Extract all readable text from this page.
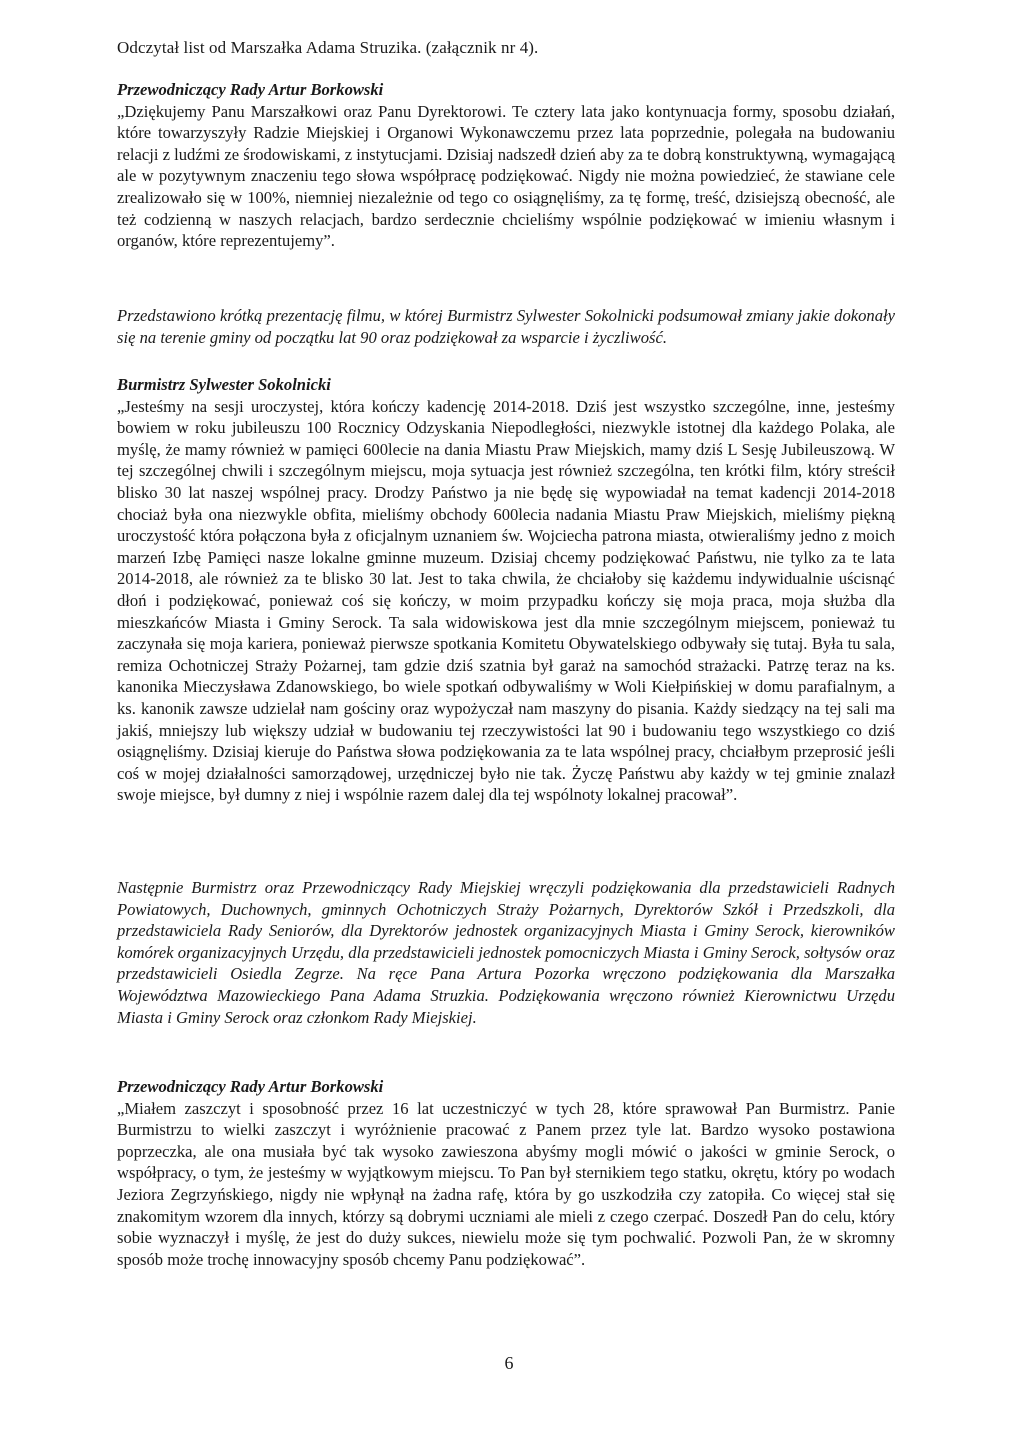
Odczytał list od Marszałka Adama Struzika. (załącznik nr 4).

Przewodniczący Rady Artur Borkowski

„Dziękujemy Panu Marszałkowi oraz Panu Dyrektorowi. Te cztery lata jako kontynuacja formy, sposobu działań, które towarzyszyły Radzie Miejskiej i Organowi Wykonawczemu przez lata poprzednie, polegała na budowaniu relacji z ludźmi ze środowiskami, z instytucjami. Dzisiaj nadszedł dzień aby za te dobrą konstruktywną, wymagającą ale w pozytywnym znaczeniu tego słowa współpracę podziękować. Nigdy nie można powiedzieć, że stawiane cele zrealizowało się w 100%, niemniej niezależnie od tego co osiągnęliśmy, za tę formę, treść, dzisiejszą obecność, ale też codzienną w naszych relacjach, bardzo serdecznie chcieliśmy wspólnie podziękować w imieniu własnym i organów, które reprezentujemy”.

Przedstawiono krótką prezentację filmu, w której Burmistrz Sylwester Sokolnicki podsumował zmiany jakie dokonały się na terenie gminy od początku lat 90 oraz podziękował za wsparcie i życzliwość.

Burmistrz Sylwester Sokolnicki

„Jesteśmy na sesji uroczystej, która kończy kadencję 2014-2018. Dziś jest wszystko szczególne, inne, jesteśmy bowiem w roku jubileuszu 100 Rocznicy Odzyskania Niepodległości, niezwykle istotnej dla każdego Polaka, ale myślę, że mamy również w pamięci 600lecie na dania Miastu Praw Miejskich, mamy dziś L Sesję Jubileuszową. W tej szczególnej chwili i szczególnym miejscu, moja sytuacja jest również szczególna, ten krótki film, który streścił blisko 30 lat naszej wspólnej pracy. Drodzy Państwo ja nie będę się wypowiadał na temat kadencji 2014-2018 chociaż była ona niezwykle obfita, mieliśmy obchody 600lecia nadania Miastu Praw Miejskich, mieliśmy piękną uroczystość która połączona była z oficjalnym uznaniem św. Wojciecha patrona miasta, otwieraliśmy jedno z moich marzeń Izbę Pamięci nasze lokalne gminne muzeum. Dzisiaj chcemy podziękować Państwu, nie tylko za te lata 2014-2018, ale również za te blisko 30 lat. Jest to taka chwila, że chciałoby się każdemu indywidualnie uścisnąć dłoń i podziękować, ponieważ coś się kończy, w moim przypadku kończy się moja praca, moja służba dla mieszkańców Miasta i Gminy Serock. Ta sala widowiskowa jest dla mnie szczególnym miejscem, ponieważ tu zaczynała się moja kariera, ponieważ pierwsze spotkania Komitetu Obywatelskiego odbywały się tutaj. Była tu sala, remiza Ochotniczej Straży Pożarnej, tam gdzie dziś szatnia był garaż na samochód strażacki. Patrzę teraz na ks. kanonika Mieczysława Zdanowskiego, bo wiele spotkań odbywaliśmy w Woli Kiełpińskiej w domu parafialnym, a ks. kanonik zawsze udzielał nam gościny oraz wypożyczał nam maszyny do pisania. Każdy siedzący na tej sali ma jakiś, mniejszy lub większy udział w budowaniu tej rzeczywistości lat 90 i budowaniu tego wszystkiego co dziś osiągnęliśmy. Dzisiaj kieruje do Państwa słowa podziękowania za te lata wspólnej pracy, chciałbym przeprosić jeśli coś w mojej działalności samorządowej, urzędniczej było nie tak. Życzę Państwu aby każdy w tej gminie znalazł swoje miejsce, był dumny z niej i wspólnie razem dalej dla tej wspólnoty lokalnej pracował”.

Następnie Burmistrz oraz Przewodniczący Rady Miejskiej wręczyli podziękowania dla przedstawicieli Radnych Powiatowych, Duchownych, gminnych Ochotniczych Straży Pożarnych, Dyrektorów Szkół i Przedszkoli, dla przedstawiciela Rady Seniorów, dla Dyrektorów jednostek organizacyjnych Miasta i Gminy Serock, kierowników komórek organizacyjnych Urzędu, dla przedstawicieli jednostek pomocniczych Miasta i Gminy Serock, sołtysów oraz przedstawicieli Osiedla Zegrze. Na ręce Pana Artura Pozorka wręczono podziękowania dla Marszałka Województwa Mazowieckiego Pana Adama Struzkia. Podziękowania wręczono również Kierownictwu Urzędu Miasta i Gminy Serock oraz członkom Rady Miejskiej.

Przewodniczący Rady Artur Borkowski

„Miałem zaszczyt i sposobność przez 16 lat uczestniczyć w tych 28, które sprawował Pan Burmistrz. Panie Burmistrzu to wielki zaszczyt i wyróżnienie pracować z Panem przez tyle lat. Bardzo wysoko postawiona poprzeczka, ale ona musiała być tak wysoko zawieszona abyśmy mogli mówić o jakości w gminie Serock, o współpracy, o tym, że jesteśmy w wyjątkowym miejscu. To Pan był sternikiem tego statku, okrętu, który po wodach Jeziora Zegrzyńskiego, nigdy nie wpłynął na żadna rafę, która by go uszkodziła czy zatopiła. Co więcej stał się znakomitym wzorem dla innych, którzy są dobrymi uczniami ale mieli z czego czerpać. Doszedł Pan do celu, który sobie wyznaczył i myślę, że jest do duży sukces, niewielu może się tym pochwalić. Pozwoli Pan, że w skromny sposób może trochę innowacyjny sposób chcemy Panu podziękować”.

6
